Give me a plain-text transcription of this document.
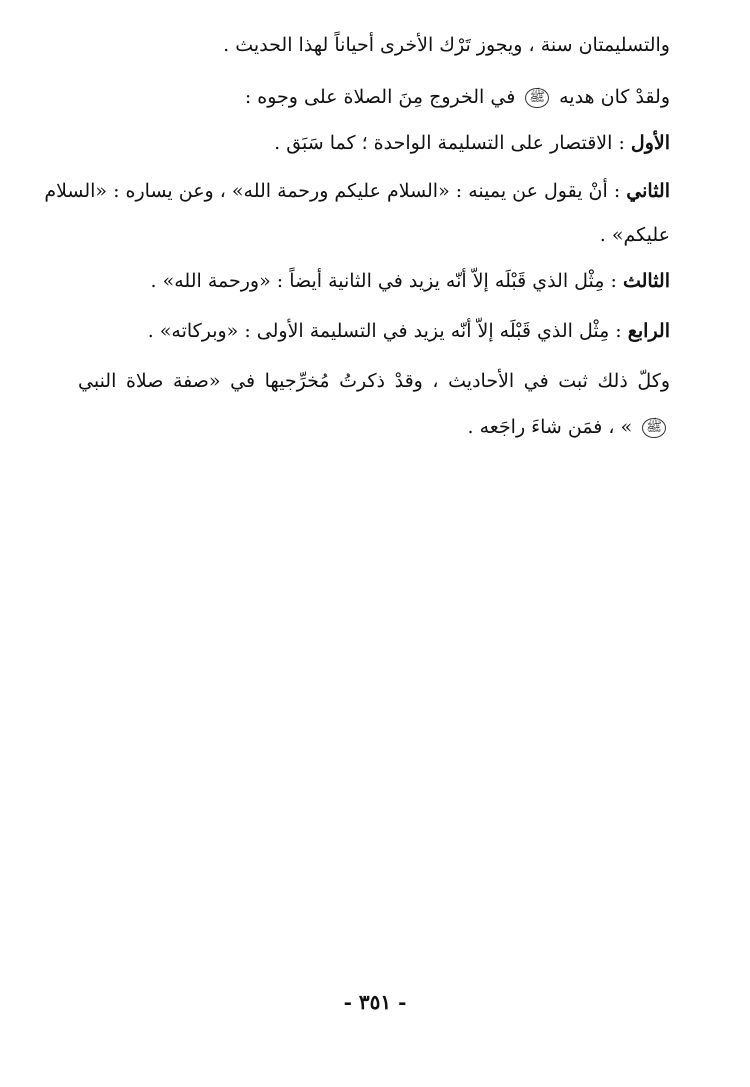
والتسليمتان سنة ، ويجوز تَرْك الأخرى أحياناً لهذا الحديث .
ولقدْ كان هديه ﷺ في الخروج مِنَ الصلاة على وجوه :
الأول : الاقتصار على التسليمة الواحدة ؛ كما سَبَق .
الثاني : أنْ يقول عن يمينه : «السلام عليكم ورحمة الله» ، وعن يساره : «السلام
عليكم» .
الثالث : مِثْل الذي قَبْلَه إلاّ أنّه يزيد في الثانية أيضاً : «ورحمة الله» .
الرابع : مِثْل الذي قَبْلَه إلاّ أنّه يزيد في التسليمة الأولى : «وبركاته» .
وكلّ ذلك ثبت في الأحاديث ، وقدْ ذكرتُ مُخرِّجيها في «صفة صلاة النبي
ﷺ » ، فمَن شاءَ راجَعه .
- ٣٥١ -
